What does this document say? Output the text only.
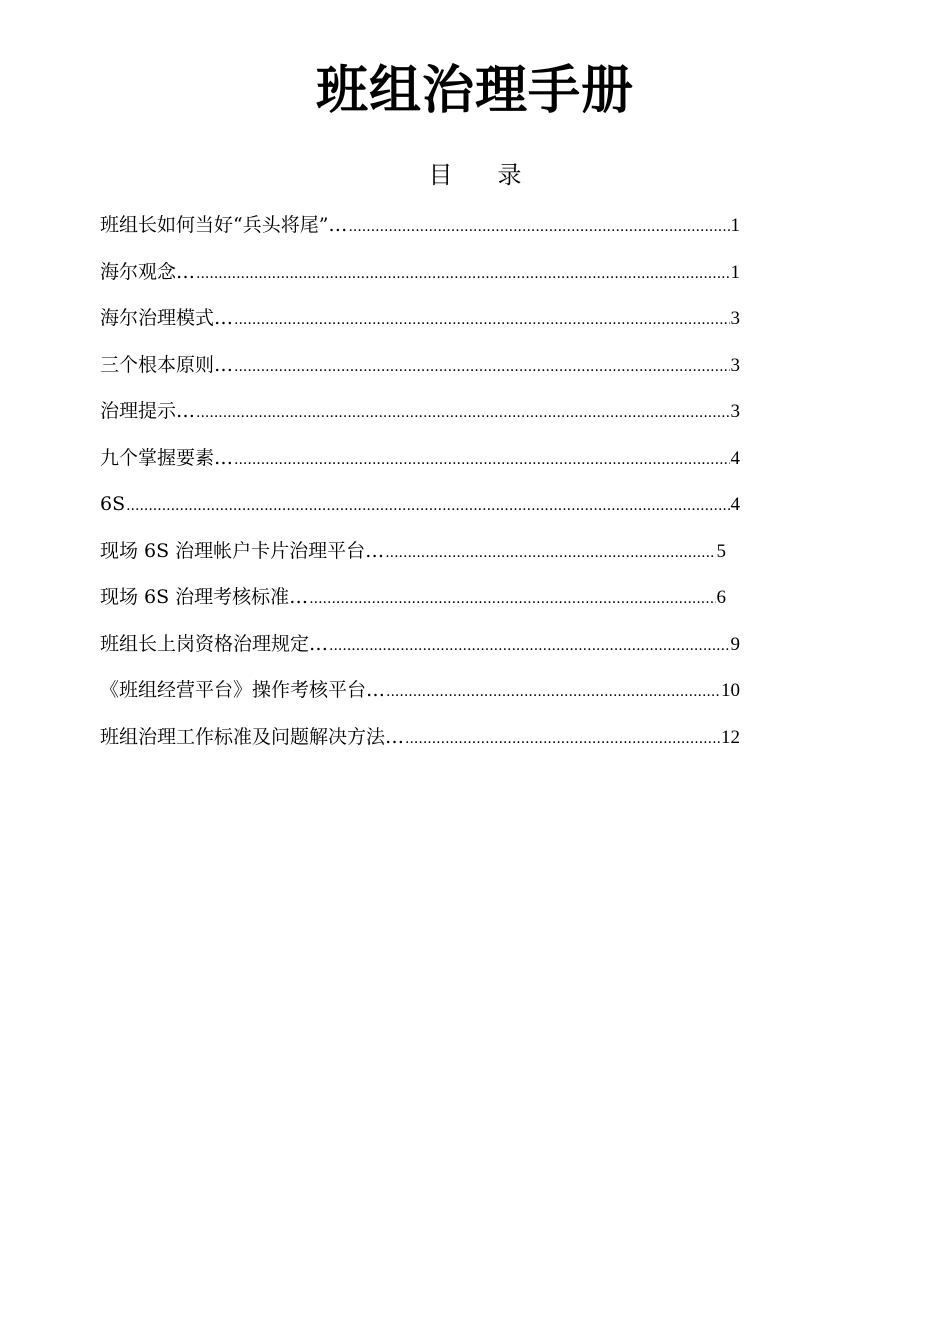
班组治理手册
目录
班组长如何当好“兵头将尾”… .....	1
海尔观念… .....	1
海尔治理模式… .....	3
三个根本原则… .....	3
治理提示… .....	3
九个掌握要素… .....	4
6S .....	4
现场 6S 治理帐户卡片治理平台… .....	5
现场 6S 治理考核标准… .....	6
班组长上岗资格治理规定… .....	9
《班组经营平台》操作考核平台… .....	10
班组治理工作标准及问题解决方法… .....	12
